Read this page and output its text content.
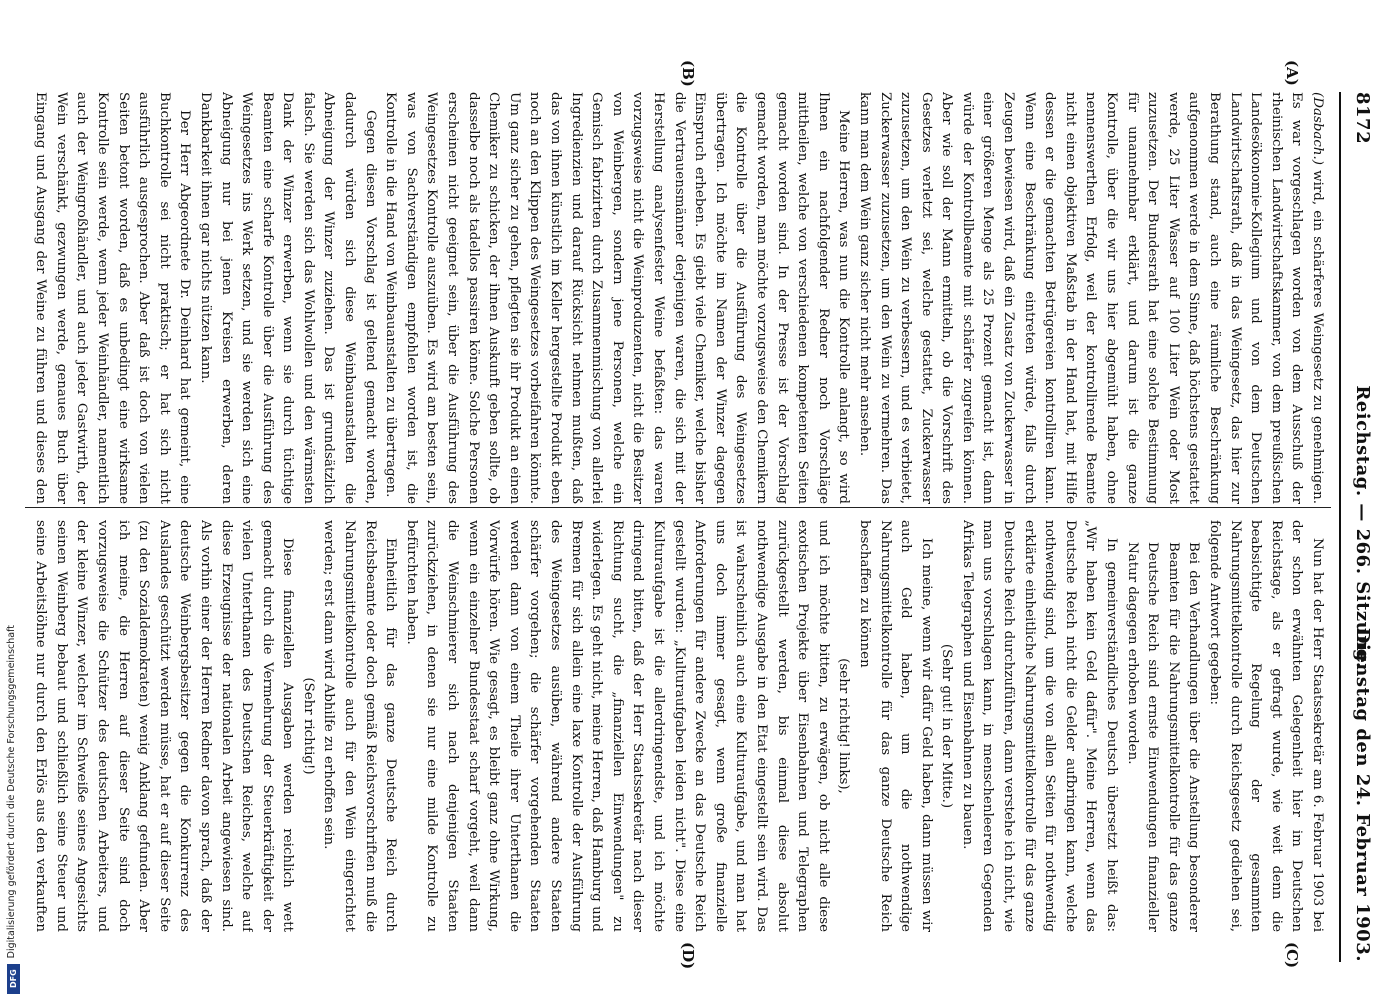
8172
Reichstag. — 266. Sitzung.
Dienstag den 24. Februar 1903.
(A)
(B)
(C)
(D)

(Dasbach.) wird, ein schärferes Weingesetz zu genehmigen. Es war vorgeschlagen worden von dem Ausschuß der rheinischen Landwirtschaftskammer, von dem preußischen Landesökonomie-Kollegium und von dem Deutschen Landwirtschaftsrath, daß in das Weingesetz, das hier zur Berathung stand, auch eine räumliche Beschränkung aufgenommen werde in dem Sinne, daß höchstens gestattet werde, 25 Liter Wasser auf 100 Liter Wein oder Most zuzusetzen. Der Bundesrath hat eine solche Bestimmung für unannehmbar erklärt, und darum ist die ganze Kontrolle, über die wir uns hier abgemüht haben, ohne nennenswerthen Erfolg, weil der kontrollirende Beamte nicht einen objektiven Maßstab in der Hand hat, mit Hilfe dessen er die gemachten Betrügereien kontrolliren kann. Wenn eine Beschränkung eintreten würde, falls durch Zeugen bewiesen wird, daß ein Zusatz von Zuckerwasser in einer größeren Menge als 25 Prozent gemacht ist, dann würde der Kontrollbeamte mit schärfer zugreifen können. Aber wie soll der Mann ermitteln, ob die Vorschrift des Gesetzes verletzt sei, welche gestattet, Zuckerwasser zuzusetzen, um den Wein zu verbessern, und es verbietet, Zuckerwasser zuzusetzen, um den Wein zu vermehren. Das kann man dem Wein ganz sicher nicht mehr ansehen.

Meine Herren, was nun die Kontrolle anlangt, so wird Ihnen ein nachfolgender Redner noch Vorschläge mittheilen, welche von verschiedenen kompetenten Seiten gemacht worden sind. In der Presse ist der Vorschlag gemacht worden, man möchte vorzugsweise den Chemikern die Kontrolle über die Ausführung des Weingesetzes übertragen. Ich möchte im Namen der Winzer dagegen Einspruch erheben. Es giebt viele Chemiker, welche bisher die Vertrauensmänner derjenigen waren, die sich mit der Herstellung analysenfester Weine befaßten: das waren vorzugsweise nicht die Weinproduzenten, nicht die Besitzer von Weinbergen, sondern jene Personen, welche ein Gemisch fabrizirten durch Zusammenmischung von allerlei Ingredienzien und darauf Rücksicht nehmen mußten, daß das von ihnen künstlich im Keller hergestellte Produkt eben noch an den Klippen des Weingesetzes vorbeifahren könnte. Um ganz sicher zu gehen, pflegten sie ihr Produkt an einen Chemiker zu schicken, der ihnen Auskunft geben sollte, ob dasselbe noch als tadellos passiren könne. Solche Personen erscheinen nicht geeignet sein, über die Ausführung des Weingesetzes Kontrolle auszuüben. Es wird am besten sein, was von Sachverständigen empfohlen worden ist, die Kontrolle in die Hand von Weinbauanstalten zu übertragen.

Gegen diesen Vorschlag ist geltend gemacht worden, dadurch würden sich diese Weinbauanstalten die Abneigung der Winzer zuziehen. Das ist grundsätzlich falsch. Sie werden sich das Wohlwollen und den wärmsten Dank der Winzer erwerben, wenn sie durch tüchtige Beamten eine scharfe Kontrolle über die Ausführung des Weingesetzes ins Werk setzen, und sie werden sich eine Abneigung nur bei jenen Kreisen erwerben, deren Dankbarkeit ihnen gar nichts nützen kann.

Der Herr Abgeordnete Dr. Deinhard hat gemeint, eine Buchkontrolle sei nicht praktisch; er hat sich nicht ausführlich ausgesprochen. Aber daß ist doch von vielen Seiten betont worden, daß es unbedingt eine wirksame Kontrolle sein werde, wenn jeder Weinhändler, namentlich auch der Weingroßhändler, und auch jeder Gastwirth, der Wein verschänkt, gezwungen werde, genaues Buch über Eingang und Ausgang der Weine zu führen und dieses den

Nun hat der Herr Staatssekretär am 6. Februar 1903 bei der schon erwähnten Gelegenheit hier im Deutschen Reichstage, als er gefragt wurde, wie weit denn die beabsichtigte Regelung der gesammten Nahrungsmittelkontrolle durch Reichsgesetz gediehen sei, folgende Antwort gegeben:

Bei den Verhandlungen über die Anstellung besonderer Beamten für die Nahrungsmittelkontrolle für das ganze Deutsche Reich sind ernste Einwendungen finanzieller Natur dagegen erhoben worden.

In gemeinverständliches Deutsch übersetzt heißt das: „Wir haben kein Geld dafür". Meine Herren, wenn das Deutsche Reich nicht die Gelder aufbringen kann, welche nothwendig sind, um die von allen Seiten für nothwendig erklärte einheitliche Nahrungsmittelkontrolle für das ganze Deutsche Reich durchzuführen, dann verstehe ich nicht, wie man uns vorschlagen kann, in menschenleeren Gegenden Afrikas Telegraphen und Eisenbahnen zu bauen.

(Sehr gut! in der Mitte.)

Ich meine, wenn wir dafür Geld haben, dann müssen wir auch Geld haben, um die nothwendige Nahrungsmittelkontrolle für das ganze Deutsche Reich beschaffen zu können

(sehr richtig! links),

und ich möchte bitten, zu erwägen, ob nicht alle diese exotischen Projekte über Eisenbahnen und Telegraphen zurückgestellt werden, bis einmal diese absolut nothwendige Ausgabe in den Etat eingestellt sein wird. Das ist wahrscheinlich auch eine Kulturaufgabe, und man hat uns doch immer gesagt, wenn große finanzielle Anforderungen für andere Zwecke an das Deutsche Reich gestellt wurden: „Kulturaufgaben leiden nicht". Diese eine Kulturaufgabe ist die allerdringendste, und ich möchte dringend bitten, daß der Herr Staatssekretär nach dieser Richtung sucht, die „finanziellen Einwendungen" zu widerlegen. Es geht nicht, meine Herren, daß Hamburg und Bremen für sich allein eine laxe Kontrolle der Ausführung des Weingesetzes ausüben, während andere Staaten schärfer vorgehen; die schärfer vorgehenden Staaten werden dann von einem Theile ihrer Unterthanen die Vorwürfe hören. Wie gesagt, es bleibt ganz ohne Wirkung, wenn ein einzelner Bundesstaat scharf vorgeht, weil dann die Weinschmierer sich nach denjenigen Staaten zurückziehen, in denen sie nur eine milde Kontrolle zu befürchten haben.

Einheitlich für das ganze Deutsche Reich durch Reichsbeamte oder doch gemäß Reichsvorschriften muß die Nahrungsmittelkontrolle auch für den Wein eingerichtet werden; erst dann wird Abhilfe zu erhoffen sein.

(Sehr richtig!)

Diese finanziellen Ausgaben werden reichlich wett gemacht durch die Vermehrung der Steuerkräftigkeit der vielen Unterthanen des Deutschen Reiches, welche auf diese Erzeugnisse der nationalen Arbeit angewiesen sind. Als vorhin einer der Herren Redner davon sprach, daß der deutsche Weinbergsbesitzer gegen die Konkurrenz des Auslandes geschützt werden müsse, hat er auf dieser Seite (zu den Sozialdemokraten) wenig Anklang gefunden. Aber ich meine, die Herren auf dieser Seite sind doch vorzugsweise die Schützer des deutschen Arbeiters, und der kleine Winzer, welcher im Schweiße seines Angesichts seinen Weinberg bebaut und schließlich seine Steuer und seine Arbeitslöhne nur durch den Erlös aus den verkauften

Digitalisierung gefördert durch die Deutsche Forschungsgemeinschaft
DFG
